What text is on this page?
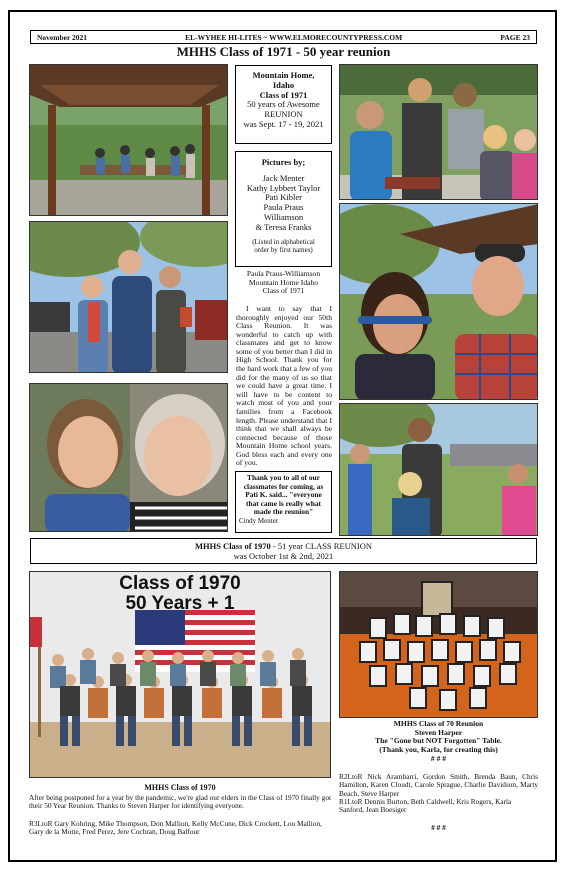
November 2021	EL-WYHEE HI-LITES ~ WWW.ELMORECOUNTYPRESS.COM	PAGE 23
MHHS Class of 1971 - 50 year reunion
Mountain Home,
Idaho
Class of 1971
50 years of Awesome
REUNION
was Sept. 17 - 19, 2021
Pictures by;
Jack Menter
Kathy Lybbert Taylor
Pati Kibler
Paula Praus
Williamson
& Teresa Franks
(Listed in alphabetical order by first names)
Paula Praus-Williamson
Mountain Home Idaho
Class of 1971
I want to say that I thoroughly enjoyed our 50th Class Reunion. It was wonderful to catch up with classmates and get to know some of you better than I did in High School. Thank you for the hard work that a few of you did for the many of us so that we could have a great time. I will have to be content to watch most of you and your families from a Facebook length. Please understand that I think that we shall always be connected because of those Mountain Home school years. God bless each and every one of you.
Thank you to all of our classmates for coming, as Pati K. said... "everyone that came is really what made the reunion"
Cindy Menter
MHHS Class of 1970 - 51 year CLASS REUNION
was October 1st & 2nd, 2021
Class of 1970
50 Years + 1
MHHS Class of 70 Reunion
Steven Harper
The "Gone but NOT Forgotten" Table.
(Thank you, Karla, for creating this)
# # #
R2LtoR Nick Arambarri, Gordon Smith, Brenda Baun, Chris Hamilton, Karen Cloudt, Carole Sprague, Charlie Davidson, Marty Beach, Steve Harper
R1LtoR Dennis Burton, Beth Caldwell, Kris Rogers, Karla Sanford, Jean Boesiger
# # #
MHHS Class of 1970
After being postponed for a year by the pandemic, we're glad our elders in the Class of 1970 finally got their 50 Year Reunion. Thanks to Steven Harper for identifying everyone.
R3LtoR Gary Kohring, Mike Thompson, Don Mallion, Kelly McCune, Dick Crockett, Lou Mallion, Gary de la Motte, Fred Perez, Jere Cochran, Doug Balfour
